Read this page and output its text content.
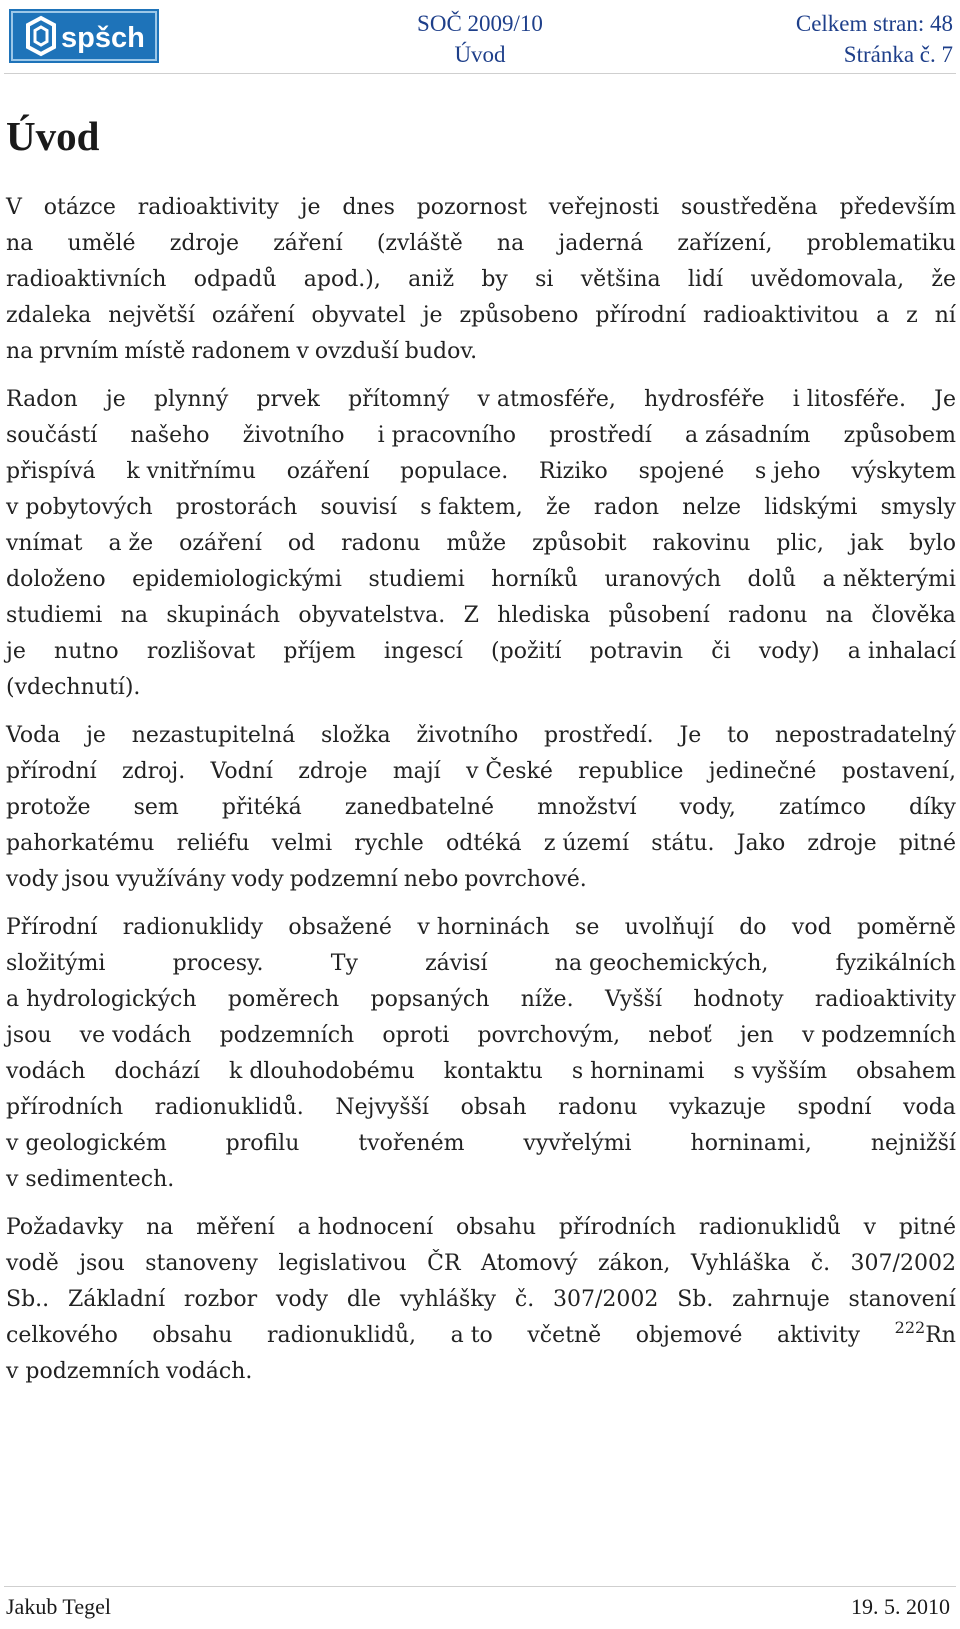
spšch	SOČ 2009/10
Úvod
Celkem stran: 48
Stránka č. 7
Úvod
V otázce radioaktivity je dnes pozornost veřejnosti soustředěna především
na umělé zdroje záření (zvláště na jaderná zařízení, problematiku
radioaktivních odpadů apod.), aniž by si většina lidí uvědomovala, že
zdaleka největší ozáření obyvatel je způsobeno přírodní radioaktivitou a z ní
na prvním místě radonem v ovzduší budov.
Radon je plynný prvek přítomný v atmosféře, hydrosféře i litosféře. Je
součástí našeho životního i pracovního prostředí a zásadním způsobem
přispívá k vnitřnímu ozáření populace. Riziko spojené s jeho výskytem
v pobytových prostorách souvisí s faktem, že radon nelze lidskými smysly
vnímat a že ozáření od radonu může způsobit rakovinu plic, jak bylo
doloženo epidemiologickými studiemi horníků uranových dolů a některými
studiemi na skupinách obyvatelstva. Z hlediska působení radonu na člověka
je nutno rozlišovat příjem ingescí (požití potravin či vody) a inhalací
(vdechnutí).
Voda je nezastupitelná složka životního prostředí. Je to nepostradatelný
přírodní zdroj. Vodní zdroje mají v České republice jedinečné postavení,
protože sem přitéká zanedbatelné množství vody, zatímco díky
pahorkatému reliéfu velmi rychle odtéká z území státu. Jako zdroje pitné
vody jsou využívány vody podzemní nebo povrchové.
Přírodní radionuklidy obsažené v horninách se uvolňují do vod poměrně
složitými	procesy.	Ty	závisí	na geochemických,	fyzikálních
a hydrologických poměrech popsaných níže. Vyšší hodnoty radioaktivity
jsou ve vodách podzemních oproti povrchovým, neboť jen v podzemních
vodách dochází k dlouhodobému kontaktu s horninami s vyšším obsahem
přírodních radionuklidů. Nejvyšší obsah radonu vykazuje spodní voda
v geologickém	profilu	tvořeném	vyvřelými	horninami,	nejnižší
v sedimentech.
Požadavky na měření a hodnocení obsahu přírodních radionuklidů v pitné
vodě jsou stanoveny legislativou ČR Atomový zákon, Vyhláška č. 307/2002
Sb.. Základní rozbor vody dle vyhlášky č. 307/2002 Sb. zahrnuje stanovení
celkového obsahu radionuklidů, a to včetně objemové aktivity $^{222}$Rn
v podzemních vodách.
Jakub Tegel	19. 5. 2010
